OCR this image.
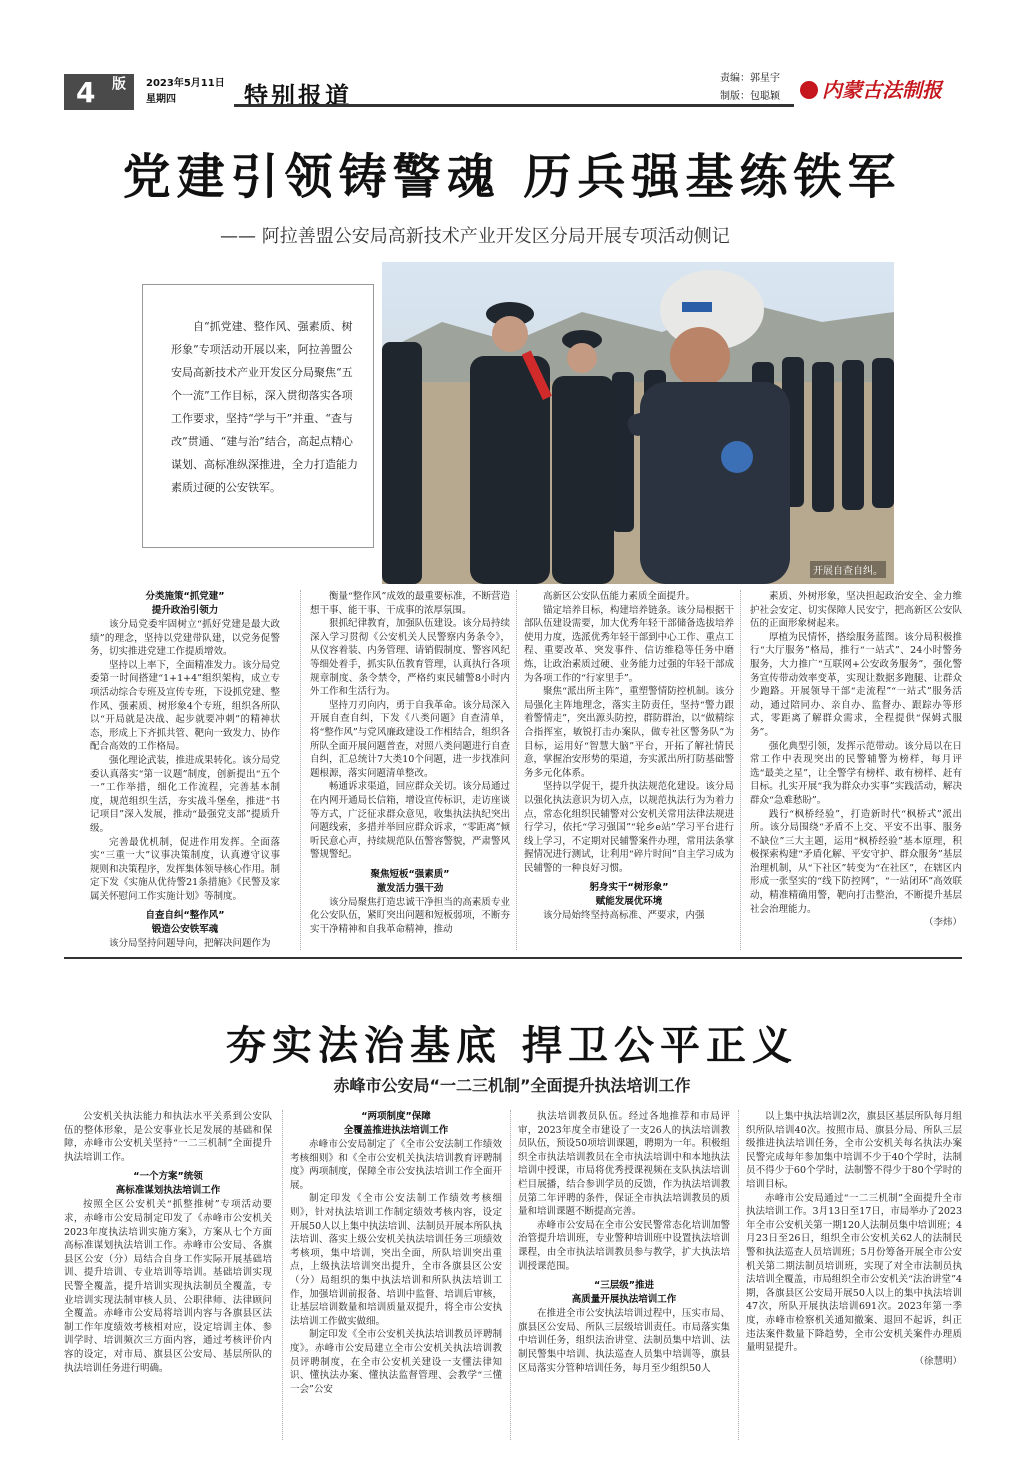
4 版 2023年5月11日
星期四	特别报道
责编：郭星宇
制版：包聪颖	内蒙古法制报
党建引领铸警魂 历兵强基练铁军
—— 阿拉善盟公安局高新技术产业开发区分局开展专项活动侧记
开展自查自纠。

自“抓党建、整作风、强素质、树形象”专项活动开展以来，阿拉善盟公安局高新技术产业开发区分局聚焦“五个一流”工作目标，深入贯彻落实各项工作要求，坚持“学与干”并重、“查与改”贯通、“建与治”结合，高起点精心谋划、高标准纵深推进，全力打造能力素质过硬的公安铁军。

分类施策“抓党建”
提升政治引领力

该分局党委牢固树立“抓好党建是最大政绩”的理念，坚持以党建带队建，以党务促警务，切实推进党建工作提质增效。

坚持以上率下，全面精准发力。该分局党委第一时间搭建“1+1+4”组织架构，成立专项活动综合专班及宣传专班，下设抓党建、整作风、强素质、树形象4个专班，组织各所队以“开局就是决战、起步就要冲刺”的精神状态，形成上下齐抓共管、靶向一致发力、协作配合高效的工作格局。

强化理论武装，推进成果转化。该分局党委认真落实“第一议题”制度，创新提出“五个一”工作举措，细化工作流程，完善基本制度，规范组织生活，夯实战斗堡垒，推进“书记项目”深入发展，推动“最强党支部”提质升级。

完善最优机制，促进作用发挥。全面落实“三重一大”议事决策制度，认真遵守议事规则和决策程序，发挥集体领导核心作用。制定下发《实施从优待警21条措施》《民警及家属关怀慰问工作实施计划》等制度。

自查自纠“整作风”
锻造公安铁军魂

该分局坚持问题导向，把解决问题作为

衡量“整作风”成效的最重要标准，不断营造想干事、能干事、干成事的浓厚氛围。

狠抓纪律教育，加强队伍建设。该分局持续深入学习贯彻《公安机关人民警察内务条令》，从仪容着装、内务管理、请销假制度、警容风纪等细处着手，抓实队伍教育管理，认真执行各项规章制度、条令禁令，严格约束民辅警8小时内外工作和生活行为。

坚持刀刃向内，勇于自我革命。该分局深入开展自查自纠，下发《八类问题》自查清单，将“整作风”与党风廉政建设工作相结合，组织各所队全面开展问题普查，对照八类问题进行自查自纠，汇总统计7大类10个问题，进一步找准问题根源，落实问题清单整改。

畅通诉求渠道，回应群众关切。该分局通过在内网开通局长信箱，增设宣传标识，走访座谈等方式，广泛征求群众意见，收集执法执纪突出问题线索，多措并举回应群众诉求，“零距离”倾听民意心声，持续规范队伍警容警貌，严肃警风警规警纪。

聚焦短板“强素质”
激发活力强干劲

该分局聚焦打造忠诚干净担当的高素质专业化公安队伍，紧盯突出问题和短板弱项，不断夯实干净精神和自我革命精神，推动

高新区公安队伍能力素质全面提升。

锚定培养目标，构建培养链条。该分局根据干部队伍建设需要，加大优秀年轻干部储备选拔培养使用力度，选派优秀年轻干部到中心工作、重点工程、重要改革、突发事件、信访维稳等任务中磨炼，让政治素质过硬、业务能力过强的年轻干部成为各项工作的“行家里手”。

聚焦“派出所主阵”，重塑警情防控机制。该分局强化主阵地理念，落实主防责任，坚持“警力跟着警情走”，突出源头防控，群防群治，以“做精综合指挥室，敏锐打击办案队，做专社区警务队”为目标，运用好“智慧大脑”平台，开拓了解社情民意，掌握治安形势的渠道，夯实派出所打防基础警务多元化体系。

坚持以学促干，提升执法规范化建设。该分局以强化执法意识为切入点，以规范执法行为为着力点，常态化组织民辅警对公安机关常用法律法规进行学习，依托“学习强国”“轮乡e站”学习平台进行线上学习，不定期对民辅警案件办理，常用法条掌握情况进行测试，让利用“碎片时间”自主学习成为民辅警的一种良好习惯。

躬身实干“树形象”
赋能发展优环境

该分局始终坚持高标准、严要求，内强

素质、外树形象，坚决担起政治安全、金力维护社会安定、切实保障人民安宁，把高新区公安队伍的正面形象树起来。

厚植为民情怀，搭绘服务蓝图。该分局积极推行“大厅服务”格局，推行“一站式”、24小时警务服务，大力推广“互联网+公安政务服务”，强化警务宣传带动效率变革，实现让数据多跑腿、让群众少跑路。开展领导干部“走流程”“一站式”服务活动，通过陪同办、亲自办、监督办、跟踪办等形式，零距离了解群众需求，全程提供“保姆式服务”。

强化典型引领，发挥示范带动。该分局以在日常工作中表现突出的民警辅警为榜样，每月评选“最美之星”，让全警学有榜样、敢有榜样、赶有目标。扎实开展“我为群众办实事”实践活动，解决群众“急难愁盼”。

践行“枫桥经验”，打造新时代“枫桥式”派出所。该分局围绕“矛盾不上交、平安不出事、服务不缺位”三大主题，运用“枫桥经验”基本原理，积极探索构建“矛盾化解、平安守护、群众服务”基层治理机制，从“下社区”转变为“在社区”，在辖区内形成一张坚实的“线下防控网”，“一站闭环”高效联动，精准精确用警，靶向打击整治，不断提升基层社会治理能力。

（李炜）
夯实法治基底 捍卫公平正义
赤峰市公安局“一二三机制”全面提升执法培训工作

公安机关执法能力和执法水平关系到公安队伍的整体形象，是公安事业长足发展的基础和保障，赤峰市公安机关坚持“一二三机制”全面提升执法培训工作。

“一个方案”统领
高标准谋划执法培训工作

按照全区公安机关“抓整推树”专项活动要求，赤峰市公安局制定印发了《赤峰市公安机关2023年度执法培训实施方案》，方案从七个方面高标准谋划执法培训工作。赤峰市公安局、各旗县区公安（分）局结合自身工作实际开展基础培训、提升培训、专业培训等培训。基础培训实现民警全覆盖，提升培训实现执法制员全覆盖，专业培训实现法制审核人员、公职律师、法律顾问全覆盖。赤峰市公安局将培训内容与各旗县区法制工作年度绩效考核相对应，设定培训主体、参训学时、培训频次三方面内容，通过考核评价内容的设定，对市局、旗县区公安局、基层所队的执法培训任务进行明确。

“两项制度”保障
全覆盖推进执法培训工作

赤峰市公安局制定了《全市公安法制工作绩效考核细则》和《全市公安机关执法培训教育评聘制度》两项制度，保障全市公安执法培训工作全面开展。

制定印发《全市公安法制工作绩效考核细则》，针对执法培训工作制定绩效考核内容，设定开展50人以上集中执法培训、法制员开展本所队执法培训、落实上级公安机关执法培训任务三项绩效考核项，集中培训，突出全面，所队培训突出重点，上级执法培训突出提升，全市各旗县区公安（分）局组织的集中执法培训和所队执法培训工作，加强培训前报备、培训中监督、培训后审核，让基层培训数量和培训质量双提升，将全市公安执法培训工作做实做细。

制定印发《全市公安机关执法培训教员评聘制度》。赤峰市公安局建立全市公安机关执法培训教员评聘制度，在全市公安机关建设一支懂法律知识、懂执法办案、懂执法监督管理、会教学“三懂一会”公安

执法培训教员队伍。经过各地推荐和市局评审，2023年度全市建设了一支26人的执法培训教员队伍，预设50项培训课题，聘期为一年。积极组织全市执法培训教员在全市执法培训中和本地执法培训中授课，市局将优秀授课视频在支队执法培训栏目展播，结合参训学员的反馈，作为执法培训教员第二年评聘的条件，保证全市执法培训教员的质量和培训课题不断提高完善。

赤峰市公安局在全市公安民警常态化培训加警治管提升培训班，专业警种培训班中设置执法培训课程，由全市执法培训教员参与教学，扩大执法培训授课范围。

“三层级”推进
高质量开展执法培训工作

在推进全市公安执法培训过程中，压实市局、旗县区公安局、所队三层级培训责任。市局落实集中培训任务，组织法治讲堂、法制员集中培训、法制民警集中培训、执法巡查人员集中培训等，旗县区局落实分管种培训任务，每月至少组织50人

以上集中执法培训2次，旗县区基层所队每月组织所队培训40次。按照市局、旗县分局、所队三层级推进执法培训任务，全市公安机关每名执法办案民警完成每年参加集中培训不少于40个学时，法制员不得少于60个学时，法制警不得少于80个学时的培训目标。

赤峰市公安局通过“一二三机制”全面提升全市执法培训工作。3月13日至17日，市局举办了2023年全市公安机关第一期120人法制员集中培训班；4月23日至26日，组织全市公安机关62人的法制民警和执法巡查人员培训班；5月份筹备开展全市公安机关第二期法制员培训班，实现了对全市法制员执法培训全覆盖，市局组织全市公安机关“法治讲堂”4期，各旗县区公安局开展50人以上的集中执法培训47次，所队开展执法培训691次。2023年第一季度，赤峰市检察机关通知撤案、退回不起诉，纠正违法案件数量下降趋势，全市公安机关案件办理质量明显提升。

（徐慧明）
